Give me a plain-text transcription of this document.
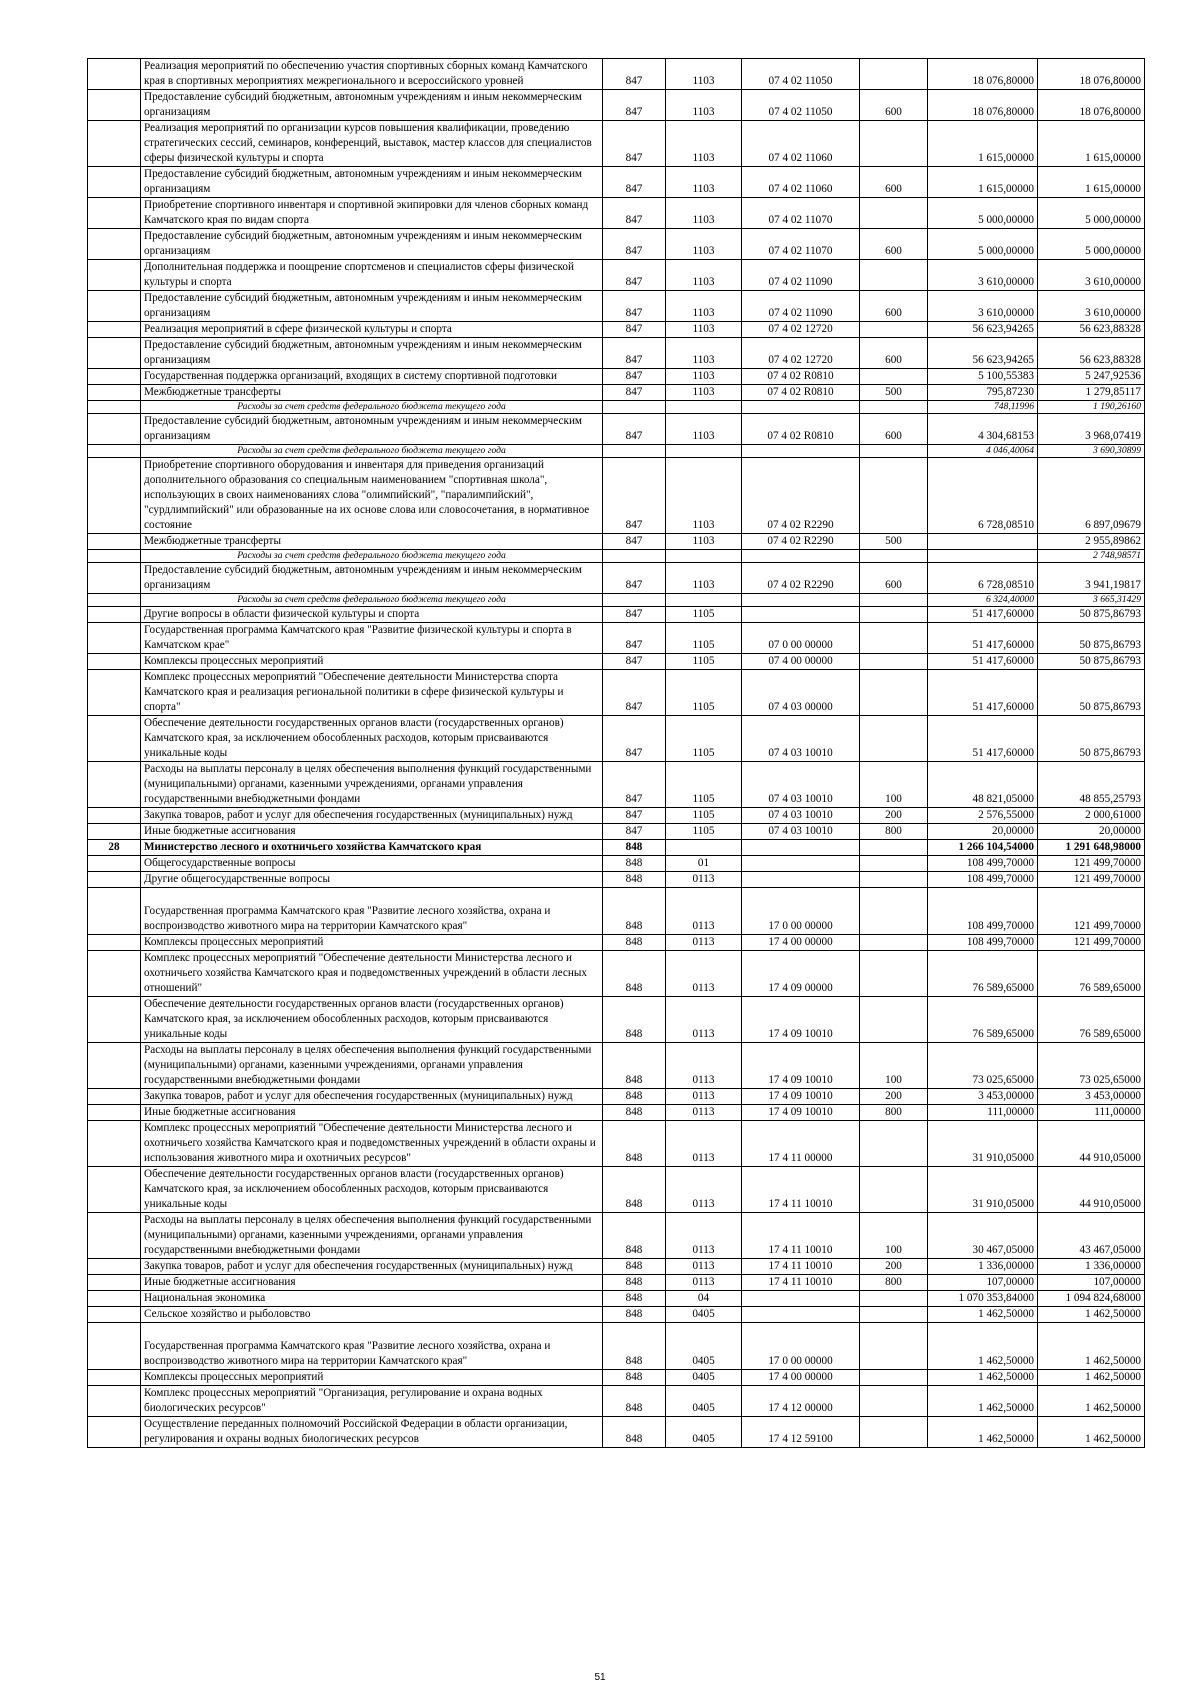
	Реализация мероприятий по обеспечению участия спортивных сборных команд Камчатского края в спортивных мероприятиях межрегионального и всероссийского уровней	847	1103	07 4 02 11050		18 076,80000	18 076,80000
	Предоставление субсидий бюджетным, автономным учреждениям и иным некоммерческим организациям	847	1103	07 4 02 11050	600	18 076,80000	18 076,80000
	Реализация мероприятий по организации курсов повышения квалификации, проведению стратегических сессий, семинаров, конференций, выставок, мастер классов для специалистов сферы физической культуры и спорта	847	1103	07 4 02 11060		1 615,00000	1 615,00000
	Предоставление субсидий бюджетным, автономным учреждениям и иным некоммерческим организациям	847	1103	07 4 02 11060	600	1 615,00000	1 615,00000
	Приобретение спортивного инвентаря и спортивной экипировки для членов сборных команд Камчатского края по видам спорта	847	1103	07 4 02 11070		5 000,00000	5 000,00000
	Предоставление субсидий бюджетным, автономным учреждениям и иным некоммерческим организациям	847	1103	07 4 02 11070	600	5 000,00000	5 000,00000
	Дополнительная поддержка и поощрение спортсменов и специалистов сферы физической культуры и спорта	847	1103	07 4 02 11090		3 610,00000	3 610,00000
	Предоставление субсидий бюджетным, автономным учреждениям и иным некоммерческим организациям	847	1103	07 4 02 11090	600	3 610,00000	3 610,00000
	Реализация мероприятий в сфере физической культуры и спорта	847	1103	07 4 02 12720		56 623,94265	56 623,88328
	Предоставление субсидий бюджетным, автономным учреждениям и иным некоммерческим организациям	847	1103	07 4 02 12720	600	56 623,94265	56 623,88328
	Государственная поддержка организаций, входящих в систему спортивной подготовки	847	1103	07 4 02 R0810		5 100,55383	5 247,92536
	Межбюджетные трансферты	847	1103	07 4 02 R0810	500	795,87230	1 279,85117
	Расходы за счет средств федерального бюджета текущего года					748,11996	1 190,26160
	Предоставление субсидий бюджетным, автономным учреждениям и иным некоммерческим организациям	847	1103	07 4 02 R0810	600	4 304,68153	3 968,07419
	Расходы за счет средств федерального бюджета текущего года					4 046,40064	3 690,30899
	Приобретение спортивного оборудования и инвентаря для приведения организаций дополнительного образования со специальным наименованием "спортивная школа", использующих в своих наименованиях слова "олимпийский", "паралимпийский", "сурдлимпийский" или образованные на их основе слова или словосочетания, в нормативное состояние	847	1103	07 4 02 R2290		6 728,08510	6 897,09679
	Межбюджетные трансферты	847	1103	07 4 02 R2290	500		2 955,89862
	Расходы за счет средств федерального бюджета текущего года						2 748,98571
	Предоставление субсидий бюджетным, автономным учреждениям и иным некоммерческим организациям	847	1103	07 4 02 R2290	600	6 728,08510	3 941,19817
	Расходы за счет средств федерального бюджета текущего года					6 324,40000	3 665,31429
	Другие вопросы в области физической культуры и спорта	847	1105			51 417,60000	50 875,86793
	Государственная программа Камчатского края "Развитие физической культуры и спорта в Камчатском крае"	847	1105	07 0 00 00000		51 417,60000	50 875,86793
	Комплексы процессных мероприятий	847	1105	07 4 00 00000		51 417,60000	50 875,86793
	Комплекс процессных мероприятий "Обеспечение деятельности Министерства спорта Камчатского края и реализация региональной политики в сфере физической культуры и спорта"	847	1105	07 4 03 00000		51 417,60000	50 875,86793
	Обеспечение деятельности государственных органов власти (государственных органов) Камчатского края, за исключением обособленных расходов, которым присваиваются уникальные коды	847	1105	07 4 03 10010		51 417,60000	50 875,86793
	Расходы на выплаты персоналу в целях обеспечения выполнения функций государственными (муниципальными) органами, казенными учреждениями, органами управления государственными внебюджетными фондами	847	1105	07 4 03 10010	100	48 821,05000	48 855,25793
	Закупка товаров, работ и услуг для обеспечения государственных (муниципальных) нужд	847	1105	07 4 03 10010	200	2 576,55000	2 000,61000
	Иные бюджетные ассигнования	847	1105	07 4 03 10010	800	20,00000	20,00000
28	Министерство лесного и охотничьего хозяйства Камчатского края	848				1 266 104,54000	1 291 648,98000
	Общегосударственные вопросы	848	01			108 499,70000	121 499,70000
	Другие общегосударственные вопросы	848	0113			108 499,70000	121 499,70000
	Государственная программа Камчатского края "Развитие лесного хозяйства, охрана и воспроизводство животного мира на территории Камчатского края"	848	0113	17 0 00 00000		108 499,70000	121 499,70000
	Комплексы процессных мероприятий	848	0113	17 4 00 00000		108 499,70000	121 499,70000
	Комплекс процессных мероприятий "Обеспечение деятельности Министерства лесного и охотничьего хозяйства Камчатского края и подведомственных учреждений в области лесных отношений"	848	0113	17 4 09 00000		76 589,65000	76 589,65000
	Обеспечение деятельности государственных органов власти (государственных органов) Камчатского края, за исключением обособленных расходов, которым присваиваются уникальные коды	848	0113	17 4 09 10010		76 589,65000	76 589,65000
	Расходы на выплаты персоналу в целях обеспечения выполнения функций государственными (муниципальными) органами, казенными учреждениями, органами управления государственными внебюджетными фондами	848	0113	17 4 09 10010	100	73 025,65000	73 025,65000
	Закупка товаров, работ и услуг для обеспечения государственных (муниципальных) нужд	848	0113	17 4 09 10010	200	3 453,00000	3 453,00000
	Иные бюджетные ассигнования	848	0113	17 4 09 10010	800	111,00000	111,00000
	Комплекс процессных мероприятий "Обеспечение деятельности Министерства лесного и охотничьего хозяйства Камчатского края и подведомственных учреждений в области охраны и использования животного мира и охотничьих ресурсов"	848	0113	17 4 11 00000		31 910,05000	44 910,05000
	Обеспечение деятельности государственных органов власти (государственных органов) Камчатского края, за исключением обособленных расходов, которым присваиваются уникальные коды	848	0113	17 4 11 10010		31 910,05000	44 910,05000
	Расходы на выплаты персоналу в целях обеспечения выполнения функций государственными (муниципальными) органами, казенными учреждениями, органами управления государственными внебюджетными фондами	848	0113	17 4 11 10010	100	30 467,05000	43 467,05000
	Закупка товаров, работ и услуг для обеспечения государственных (муниципальных) нужд	848	0113	17 4 11 10010	200	1 336,00000	1 336,00000
	Иные бюджетные ассигнования	848	0113	17 4 11 10010	800	107,00000	107,00000
	Национальная экономика	848	04			1 070 353,84000	1 094 824,68000
	Сельское хозяйство и рыболовство	848	0405			1 462,50000	1 462,50000
	Государственная программа Камчатского края "Развитие лесного хозяйства, охрана и воспроизводство животного мира на территории Камчатского края"	848	0405	17 0 00 00000		1 462,50000	1 462,50000
	Комплексы процессных мероприятий	848	0405	17 4 00 00000		1 462,50000	1 462,50000
	Комплекс процессных мероприятий "Организация, регулирование и охрана водных биологических ресурсов"	848	0405	17 4 12 00000		1 462,50000	1 462,50000
	Осуществление переданных полномочий Российской Федерации в области организации, регулирования и охраны водных биологических ресурсов	848	0405	17 4 12 59100		1 462,50000	1 462,50000
51
